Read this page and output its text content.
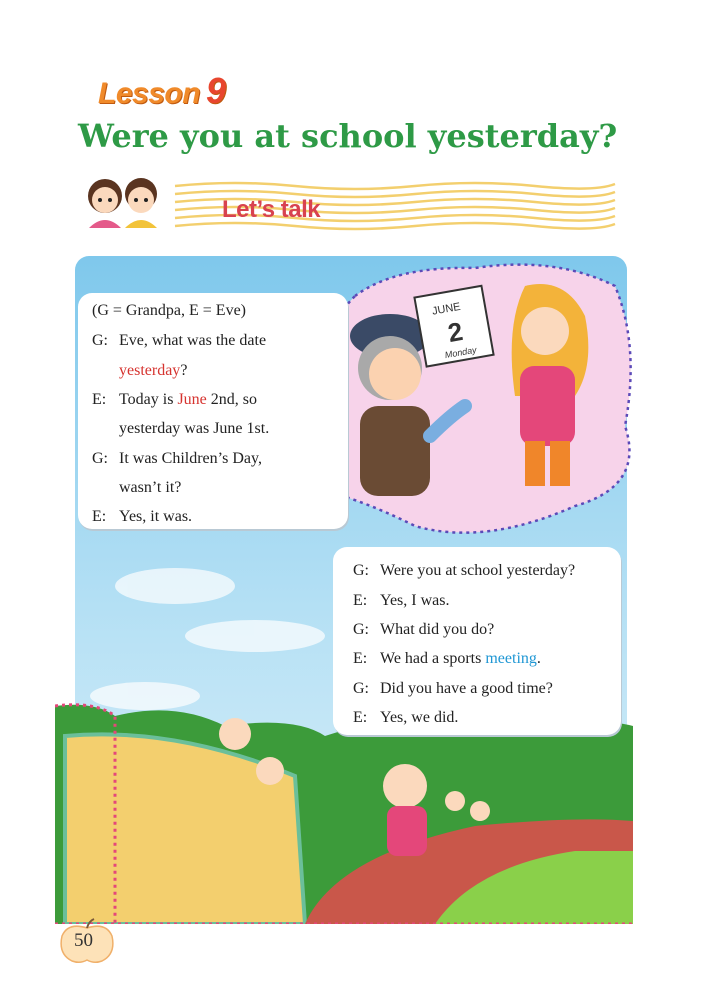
Lesson 9
Were you at school yesterday?
Let’s talk
JUNE
2
Monday
(G = Grandpa, E = Eve)
G: Eve, what was the date
yesterday?
E: Today is June 2nd, so
yesterday was June 1st.
G: It was Children’s Day,
wasn’t it?
E: Yes, it was.
G: Were you at school yesterday?
E: Yes, I was.
G: What did you do?
E: We had a sports meeting.
G: Did you have a good time?
E: Yes, we did.
50
